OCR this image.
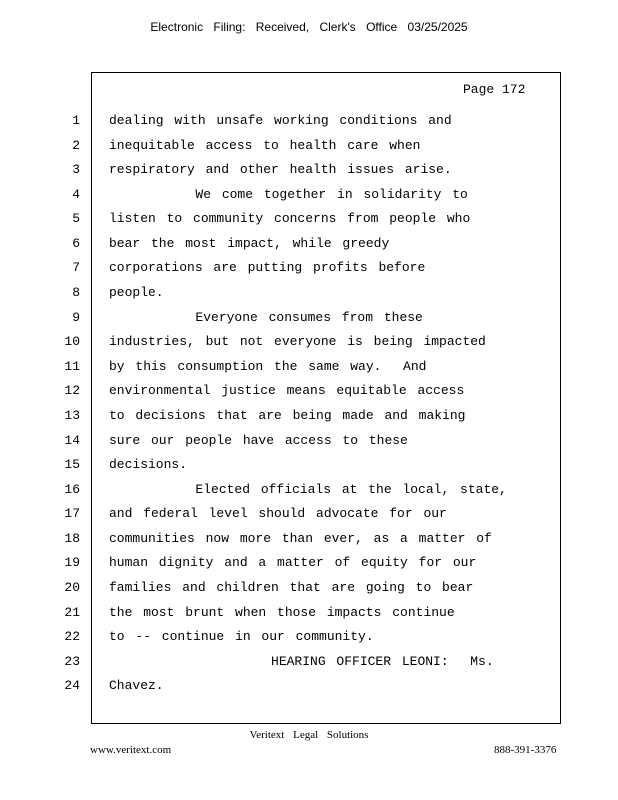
Electronic Filing: Received, Clerk's Office 03/25/2025
Page 172
1 dealing with unsafe working conditions and
2 inequitable access to health care when
3 respiratory and other health issues arise.
4 We come together in solidarity to
5 listen to community concerns from people who
6 bear the most impact, while greedy
7 corporations are putting profits before
8 people.
9 Everyone consumes from these
10 industries, but not everyone is being impacted
11 by this consumption the same way.  And
12 environmental justice means equitable access
13 to decisions that are being made and making
14 sure our people have access to these
15 decisions.
16 Elected officials at the local, state,
17 and federal level should advocate for our
18 communities now more than ever, as a matter of
19 human dignity and a matter of equity for our
20 families and children that are going to bear
21 the most brunt when those impacts continue
22 to -- continue in our community.
23 HEARING OFFICER LEONI:  Ms.
24 Chavez.
Veritext Legal Solutions
www.veritext.com	888-391-3376
